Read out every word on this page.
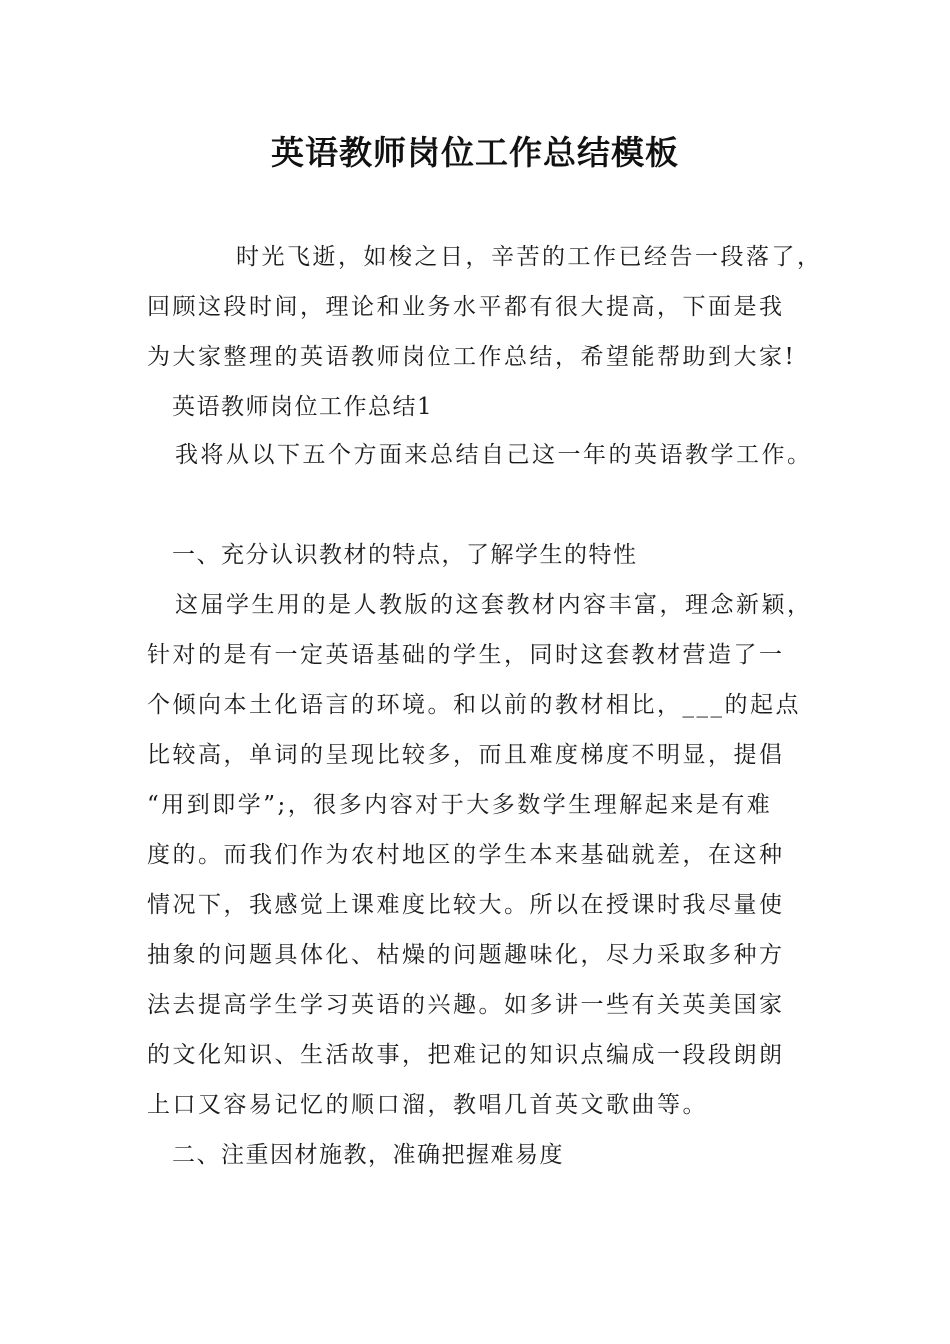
英语教师岗位工作总结模板
时光飞逝，如梭之日，辛苦的工作已经告一段落了，
回顾这段时间，理论和业务水平都有很大提高，下面是我
为大家整理的英语教师岗位工作总结，希望能帮助到大家!
英语教师岗位工作总结1
我将从以下五个方面来总结自己这一年的英语教学工作。
一、充分认识教材的特点，了解学生的特性
这届学生用的是人教版的这套教材内容丰富，理念新颖，
针对的是有一定英语基础的学生，同时这套教材营造了一
个倾向本土化语言的环境。和以前的教材相比，___的起点
比较高，单词的呈现比较多，而且难度梯度不明显，提倡
“用到即学”;，很多内容对于大多数学生理解起来是有难
度的。而我们作为农村地区的学生本来基础就差，在这种
情况下，我感觉上课难度比较大。所以在授课时我尽量使
抽象的问题具体化、枯燥的问题趣味化，尽力采取多种方
法去提高学生学习英语的兴趣。如多讲一些有关英美国家
的文化知识、生活故事，把难记的知识点编成一段段朗朗
上口又容易记忆的顺口溜，教唱几首英文歌曲等。
二、注重因材施教，准确把握难易度
